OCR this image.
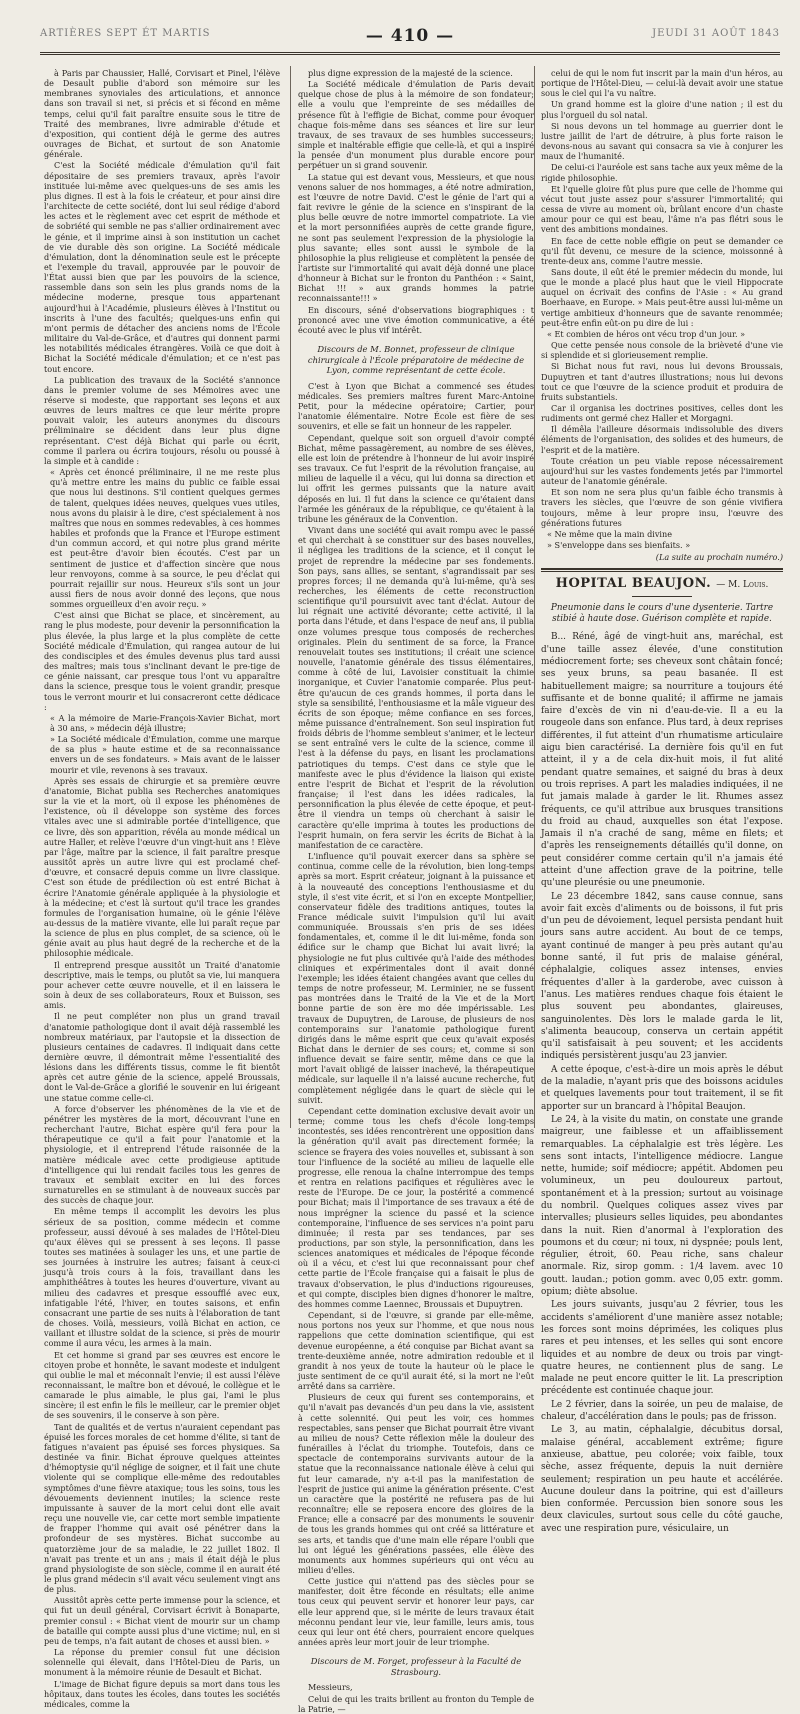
ARTIÈRES SEPT ÉT MARTIS	— 410 —	JEUDI 31 AOÛT 1843

à Paris par Chaussier, Hallé, Corvisart et Pinel, l'élève de Desault publie d'abord son mémoire sur les membranes synoviales des articulations, et annonce dans son travail si net, si précis et si fécond en même temps, celui qu'il fait paraître ensuite sous le titre de Traité des membranes, livre admirable d'étude et d'exposition, qui contient déjà le germe des autres ouvrages de Bichat, et surtout de son Anatomie générale.

C'est la Société médicale d'émulation qu'il fait dépositaire de ses premiers travaux, après l'avoir instituée lui-même avec quelques-uns de ses amis les plus dignes. Il est à la fois le créateur, et pour ainsi dire l'architecte de cette société, dont lui seul rédige d'abord les actes et le règlement avec cet esprit de méthode et de sobriété qui semble ne pas s'allier ordinairement avec le génie, et il imprime ainsi à son institution un cachet de vie durable dès son origine. La Société médicale d'émulation, dont la dénomination seule est le précepte et l'exemple du travail, approuvée par le pouvoir de l'État aussi bien que par les pouvoirs de la science, rassemble dans son sein les plus grands noms de la médecine moderne, presque tous appartenant aujourd'hui à l'Académie, plusieurs élèves à l'Institut ou inscrits à l'une des facultés; quelques-uns enfin qui m'ont permis de détacher des anciens noms de l'École militaire du Val-de-Grâce, et d'autres qui donnent parmi les notabilités médicales étrangères. Voilà ce que doit à Bichat la Société médicale d'émulation; et ce n'est pas tout encore.

La publication des travaux de la Société s'annonce dans le premier volume de ses Mémoires avec une réserve si modeste, que rapportant ses leçons et aux œuvres de leurs maîtres ce que leur mérite propre pouvait valoir, les auteurs anonymes du discours préliminaire se décident dans leur plus digne représentant. C'est déjà Bichat qui parle ou écrit, comme il parlera ou écrira toujours, résolu ou poussé à la simple et à candide :

« Après cet énoncé préliminaire, il ne me reste plus qu'à mettre entre les mains du public ce faible essai que nous lui destinons. S'il contient quelques germes de talent, quelques idées neuves, quelques vues utiles, nous avons du plaisir à le dire, c'est spécialement à nos maîtres que nous en sommes redevables, à ces hommes habiles et profonds que la France et l'Europe estiment d'un commun accord, et qui notre plus grand mérite est peut-être d'avoir bien écoutés. C'est par un sentiment de justice et d'affection sincère que nous leur renvoyons, comme à sa source, le peu d'éclat qui pourrait rejaillir sur nous. Heureux s'ils sont un jour aussi fiers de nous avoir donné des leçons, que nous sommes orgueilleux d'en avoir reçu. »

C'est ainsi que Bichat se place, et sincèrement, au rang le plus modeste, pour devenir la personnification la plus élevée, la plus large et la plus complète de cette Société médicale d'Émulation, qui rangea autour de lui des condisciples et des émules devenus plus tard aussi des maîtres; mais tous s'inclinant devant le pre-tige de ce génie naissant, car presque tous l'ont vu apparaître dans la science, presque tous le voient grandir, presque tous le verront mourir et lui consacreront cette dédicace :

« A la mémoire de Marie-François-Xavier Bichat, mort à 30 ans, » médecin déjà illustre;

» La Société médicale d'Émulation, comme une marque de sa plus » haute estime et de sa reconnaissance envers un de ses fondateurs. » Mais avant de le laisser mourir et vile, revenons à ses travaux.

Après ses essais de chirurgie et sa première œuvre d'anatomie, Bichat publia ses Recherches anatomiques sur la vie et la mort, où il expose les phénomènes de l'existence, où il développe son système des forces vitales avec une si admirable portée d'intelligence, que ce livre, dès son apparition, révéla au monde médical un autre Haller, et relève l'œuvre d'un vingt-huit ans ! Elève par l'âge, maître par la science, il fait paraître presque aussitôt après un autre livre qui est proclamé chef-d'œuvre, et consacré depuis comme un livre classique. C'est son étude de prédilection où est entré Bichat à écrire l'Anatomie générale appliquée à la physiologie et à la médecine; et c'est là surtout qu'il trace les grandes formules de l'organisation humaine, où le génie l'élève au-dessus de la matière vivante, elle lui paraît reçue par la science de plus en plus complet, de sa science, où le génie avait au plus haut degré de la recherche et de la philosophie médicale.

Il entreprend presque aussitôt un Traité d'anatomie descriptive, mais le temps, ou plutôt sa vie, lui manquera pour achever cette œuvre nouvelle, et il en laissera le soin à deux de ses collaborateurs, Roux et Buisson, ses amis.

Il ne peut compléter non plus un grand travail d'anatomie pathologique dont il avait déjà rassemblé les nombreux matériaux, par l'autopsie et la dissection de plusieurs centaines de cadavres. Il indiquait dans cette dernière œuvre, il démontrait même l'essentialité des lésions dans les différents tissus, comme le fit bientôt après cet autre génie de la science, appelé Broussais, dont le Val-de-Grâce a glorifié le souvenir en lui érigeant une statue comme celle-ci.

A force d'observer les phénomènes de la vie et de pénétrer les mystères de la mort, découvrant l'une en recherchant l'autre, Bichat espère qu'il fera pour la thérapeutique ce qu'il a fait pour l'anatomie et la physiologie, et il entreprend l'étude raisonnée de la matière médicale avec cette prodigieuse aptitude d'intelligence qui lui rendait faciles tous les genres de travaux et semblait exciter en lui des forces surnaturelles en se stimulant à de nouveaux succès par des succès de chaque jour.

En même temps il accomplit les devoirs les plus sérieux de sa position, comme médecin et comme professeur, aussi dévoué à ses malades de l'Hôtel-Dieu qu'aux élèves qui se pressent à ses leçons. Il passe toutes ses matinées à soulager les uns, et une partie de ses journées à instruire les autres; faisant à ceux-ci jusqu'à trois cours à la fois, travaillant dans les amphithéâtres à toutes les heures d'ouverture, vivant au milieu des cadavres et presque essoufflé avec eux, infatigable l'été, l'hiver, en toutes saisons, et enfin consacrant une partie de ses nuits à l'élaboration de tant de choses. Voilà, messieurs, voilà Bichat en action, ce vaillant et illustre soldat de la science, si près de mourir comme il aura vécu, les armes à la main.

Et cet homme si grand par ses œuvres est encore le citoyen probe et honnête, le savant modeste et indulgent qui oublie le mal et méconnaît l'envie; il est aussi l'élève reconnaissant, le maître bon et dévoué, le collègue et le camarade le plus aimable, le plus gai, l'ami le plus sincère; il est enfin le fils le meilleur, car le premier objet de ses souvenirs, il le conserve à son père.

Tant de qualités et de vertus n'auraient cependant pas épuisé les forces morales de cet homme d'élite, si tant de fatigues n'avaient pas épuisé ses forces physiques. Sa destinée va finir. Bichat éprouve quelques atteintes d'hémoptysie qu'il néglige de soigner, et il fait une chute violente qui se complique elle-même des redoutables symptômes d'une fièvre ataxique; tous les soins, tous les dévouements deviennent inutiles; la science reste impuissante à sauver de la mort celui dont elle avait reçu une nouvelle vie, car cette mort semble impatiente de frapper l'homme qui avait osé pénétrer dans la profondeur de ses mystères. Bichat succombe au quatorzième jour de sa maladie, le 22 juillet 1802. Il n'avait pas trente et un ans ; mais il était déjà le plus grand physiologiste de son siècle, comme il en aurait été le plus grand médecin s'il avait vécu seulement vingt ans de plus.

Aussitôt après cette perte immense pour la science, et qui fut un deuil général, Corvisart écrivit à Bonaparte, premier consul : « Bichat vient de mourir sur un champ de bataille qui compte aussi plus d'une victime; nul, en si peu de temps, n'a fait autant de choses et aussi bien. »

La réponse du premier consul fut une décision solennelle qui élevait, dans l'Hôtel-Dieu de Paris, un monument à la mémoire réunie de Desault et Bichat.

L'image de Bichat figure depuis sa mort dans tous les hôpitaux, dans toutes les écoles, dans toutes les sociétés médicales, comme la

plus digne expression de la majesté de la science.

La Société médicale d'émulation de Paris devait quelque chose de plus à la mémoire de son fondateur; elle a voulu que l'empreinte de ses médailles de présence fût à l'effigie de Bichat, comme pour évoquer chaque fois-même dans ses séances et lire sur leur travaux, de ses travaux de ses humbles successeurs; simple et inaltérable effigie que celle-là, et qui a inspiré la pensée d'un monument plus durable encore pour perpétuer un si grand souvenir.

La statue qui est devant vous, Messieurs, et que nous venons saluer de nos hommages, a été notre admiration, est l'œuvre de notre David. C'est le génie de l'art qui a fait revivre le génie de la science en s'inspirant de la plus belle œuvre de notre immortel compatriote. La vie et la mort personnifiées auprès de cette grande figure, ne sont pas seulement l'expression de la physiologie la plus savante; elles sont aussi le symbole de la philosophie la plus religieuse et complètent la pensée de l'artiste sur l'immortalité qui avait déjà donné une place d'honneur à Bichat sur le fronton du Panthéon : « Saint, Bichat !!! » aux grands hommes la patrie reconnaissante!!! »

En discours, séné d'observations biographiques : t prononcé avec une vive émotion communicative, a été écouté avec le plus vif intérêt.

Discours de M. Bonnet, professeur de clinique chirurgicale à l'École préparatoire de médecine de Lyon, comme représentant de cette école.

C'est à Lyon que Bichat a commencé ses études médicales. Ses premiers maîtres furent Marc-Antoine Petit, pour la médecine opératoire; Cartier, pour l'anatomie élémentaire. Notre École est fière de ses souvenirs, et elle se fait un honneur de les rappeler.

Cependant, quelque soit son orgueil d'avoir compté Bichat, même passagèrement, au nombre de ses élèves, elle est loin de prétendre à l'honneur de lui avoir inspiré ses travaux. Ce fut l'esprit de la révolution française, au milieu de laquelle il a vécu, qui lui donna sa direction et lui offrit les germes puissants que la nature avait déposés en lui. Il fut dans la science ce qu'étaient dans l'armée les généraux de la république, ce qu'étaient à la tribune les généraux de la Convention.

Vivant dans une société qui avait rompu avec le passé et qui cherchait à se constituer sur des bases nouvelles, il négligea les traditions de la science, et il conçut le projet de reprendre la médecine par ses fondements. Son pays, sans allies, se sentant, s'agrandissait par ses propres forces; il ne demanda qu'à lui-même, qu'à ses recherches, les éléments de cette reconstruction scientifique qu'il poursuivit avec tant d'éclat. Autour de lui régnait une activité dévorante; cette activité, il la porta dans l'étude, et dans l'espace de neuf ans, il publia onze volumes presque tous composés de recherches originales. Plein du sentiment de sa force, la France renouvelait toutes ses institutions; il créait une science nouvelle, l'anatomie générale des tissus élémentaires, comme à côté de lui, Lavoisier constituait la chimie inorganique, et Cuvier l'anatomie comparée. Plus peut-être qu'aucun de ces grands hommes, il porta dans le style sa sensibilité, l'enthousiasme et la mâle vigueur des écrits de son époque; même confiance en ses forces, même puissance d'entraînement. Son seul inspiration fut froids débris de l'homme sembleut s'animer, et le lecteur se sent entraîné vers le culte de la science, comme il l'est à la défense du pays, en lisant les proclamations patriotiques du temps. C'est dans ce style que le manifeste avec le plus d'évidence la liaison qui existe entre l'esprit de Bichat et l'esprit de la révolution française; il l'est dans les idées radicales, la personnification la plus élevée de cette époque, et peut-être il viendra un temps où cherchant à saisir le caractère qu'elle imprima à toutes les productions de l'esprit humain, on fera servir les écrits de Bichat à la manifestation de ce caractère.

L'influence qu'il pouvait exercer dans sa sphère se continua, comme celle de la révolution, bien long-temps après sa mort. Esprit créateur, joignant à la puissance et à la nouveauté des conceptions l'enthousiasme et du style, il s'est vite écrit, et si l'on en excepte Montpellier, conservateur fidèle des traditions antiques, toutes la France médicale suivit l'impulsion qu'il lui avait communiquée. Broussais s'en pris de ses idées fondamentales, et, comme il le dit lui-même, fonda son édifice sur le champ que Bichat lui avait livré; la physiologie ne fut plus cultivée qu'à l'aide des méthodes cliniques et expérimentales dont il avait donné l'exemple; les idées étaient changées avant que celles du temps de notre professeur, M. Lerminier, ne se fussent pas montrées dans le Traité de la Vie et de la Mort bonne partie de son ère mo dée impérissable. Les travaux de Dupuytren, de Larouse, de plusieurs de nos contemporains sur l'anatomie pathologique furent dirigés dans le même esprit que ceux qu'avait exposés Bichat dans le dernier de ses cours; et, comme si son influence devait se faire sentir, même dans ce que la mort l'avait obligé de laisser inachevé, la thérapeutique médicale, sur laquelle il n'a laissé aucune recherche, fut complètement négligée dans le quart de siècle qui le suivit.

Cependant cette domination exclusive devait avoir un terme; comme tous les chefs d'école long-temps incontestés, ses idées rencontrèrent une opposition dans la génération qu'il avait pas directement formée; la science se frayera des voies nouvelles et, subissant à son tour l'influence de la société au milieu de laquelle elle progresse, elle renoua la chaîne interrompue des temps et rentra en relations pacifiques et régulières avec le reste de l'Europe. De ce jour, la postérité a commencé pour Bichat; mais il l'importance de ses travaux a été de nous imprégner la science du passé et la science contemporaine, l'influence de ses services n'a point paru diminuée; il resta par ses tendances, par ses productions, par son style, la personnification, dans les sciences anatomiques et médicales de l'époque féconde où il a vécu, et c'est lui que reconnaissant pour chef cette partie de l'École française qui a faisait le plus de travaux d'observation, le plus d'inductions rigoureuses, et qui compte, disciples bien dignes d'honorer le maître, des hommes comme Laennec, Broussais et Dupuytren.

Cependant, si de l'œuvre, si grande par elle-même, nous portons nos yeux sur l'homme, et que nous nous rappelions que cette domination scientifique, qui est devenue européenne, a été conquise par Bichat avant sa trente-deuxième année, notre admiration redouble et il grandit à nos yeux de toute la hauteur où le place le juste sentiment de ce qu'il aurait été, si la mort ne l'eût arrêté dans sa carrière.

Plusieurs de ceux qui furent ses contemporains, et qu'il n'avait pas devancés d'un peu dans la vie, assistent à cette solennité. Qui peut les voir, ces hommes respectables, sans penser que Bichat pourrait être vivant au milieu de nous? Cette réflexion mêle la douleur des funérailles à l'éclat du triomphe. Toutefois, dans ce spectacle de contemporains survivants autour de la statue que la reconnaissance nationale élève à celui qui fut leur camarade, n'y a-t-il pas la manifestation de l'esprit de justice qui anime la génération présente. C'est un caractère que la postérité ne refusera pas de lui reconnaître; elle se reposera encore des gloires de la France; elle a consacré par des monuments le souvenir de tous les grands hommes qui ont créé sa littérature et ses arts, et tandis que d'une main elle répare l'oubli que lui ont légué les générations passées, elle élève des monuments aux hommes supérieurs qui ont vécu au milieu d'elles.

Cette justice qui n'attend pas des siècles pour se manifester, doit être féconde en résultats; elle anime tous ceux qui peuvent servir et honorer leur pays, car elle leur apprend que, si le mérite de leurs travaux était méconnu pendant leur vie, leur famille, leurs amis, tous ceux qui leur ont été chers, pourraient encore quelques années après leur mort jouir de leur triomphe.

Discours de M. Forget, professeur à la Faculté de Strasbourg.

Messieurs,

Celui de qui les traits brillent au fronton du Temple de la Patrie, —

celui de qui le nom fut inscrit par la main d'un héros, au portique de l'Hôtel-Dieu, — celui-là devait avoir une statue sous le ciel qui l'a vu naître.

Un grand homme est la gloire d'une nation ; il est du plus l'orgueil du sol natal.

Si nous devons un tel hommage au guerrier dont le lustre jaillit de l'art de détruire, à plus forte raison le devons-nous au savant qui consacra sa vie à conjurer les maux de l'humanité.

De celui-ci l'auréole est sans tache aux yeux même de la rigide philosophie.

Et l'quelle gloire fût plus pure que celle de l'homme qui vécut tout juste assez pour s'assurer l'immortalité; qui cessa de vivre au moment où, brûlant encore d'un chaste amour pour ce qui est beau, l'âme n'a pas flétri sous le vent des ambitions mondaines.

En face de cette noble effigie on peut se demander ce qu'il fût devenu, ce mesure de la science, moissonné à trente-deux ans, comme l'autre messie.

Sans doute, il eût été le premier médecin du monde, lui que le monde a placé plus haut que le vieil Hippocrate auquel on écrivait des confins de l'Asie : « Au grand Boerhaave, en Europe. » Mais peut-être aussi lui-même un vertige ambitieux d'honneurs que de savante renommée; peut-être enfin eût-on pu dire de lui :

« Et combien de héros ont vécu trop d'un jour. »

Que cette pensée nous console de la brièveté d'une vie si splendide et si glorieusement remplie.

Si Bichat nous fut ravi, nous lui devons Broussais, Dupuytren et tant d'autres illustrations; nous lui devons tout ce que l'œuvre de la science produit et produira de fruits substantiels.

Car il organisa les doctrines positives, celles dont les rudiments ont germé chez Haller et Morgagni.

Il démêla l'ailleure désormais indissoluble des divers éléments de l'organisation, des solides et des humeurs, de l'esprit et de la matière.

Toute création un peu viable repose nécessairement aujourd'hui sur les vastes fondements jetés par l'immortel auteur de l'anatomie générale.

Et son nom ne sera plus qu'un faible écho transmis à travers les siècles, que l'œuvre de son génie vivifiera toujours, même à leur propre insu, l'œuvre des générations futures

« Ne même que la main divine

» S'enveloppe dans ses bienfaits. »

(La suite au prochain numéro.)

HOPITAL BEAUJON. — M. Louis.

Pneumonie dans le cours d'une dysenterie. Tartre stibié à haute dose. Guérison complète et rapide.

B... Réné, âgé de vingt-huit ans, maréchal, est d'une taille assez élevée, d'une constitution médiocrement forte; ses cheveux sont châtain foncé; ses yeux bruns, sa peau basanée. Il est habituellement maigre; sa nourriture a toujours été suffisante et de bonne qualité; il affirme ne jamais faire d'excès de vin ni d'eau-de-vie. Il a eu la rougeole dans son enfance. Plus tard, à deux reprises différentes, il fut atteint d'un rhumatisme articulaire aigu bien caractérisé. La dernière fois qu'il en fut atteint, il y a de cela dix-huit mois, il fut alité pendant quatre semaines, et saigné du bras à deux ou trois reprises. A part les maladies indiquées, il ne fut jamais malade à garder le lit. Rhumes assez fréquents, ce qu'il attribue aux brusques transitions du froid au chaud, auxquelles son état l'expose. Jamais il n'a craché de sang, même en filets; et d'après les renseignements détaillés qu'il donne, on peut considérer comme certain qu'il n'a jamais été atteint d'une affection grave de la poitrine, telle qu'une pleurésie ou une pneumonie.

Le 23 décembre 1842, sans cause connue, sans avoir fait excès d'aliments ou de boissons, il fut pris d'un peu de dévoiement, lequel persista pendant huit jours sans autre accident. Au bout de ce temps, ayant continué de manger à peu près autant qu'au bonne santé, il fut pris de malaise général, céphalalgie, coliques assez intenses, envies fréquentes d'aller à la garderobe, avec cuisson à l'anus. Les matières rendues chaque fois étaient le plus souvent peu abondantes, glaireuses, sanguinolentes. Dès lors le malade garda le lit, s'alimenta beaucoup, conserva un certain appétit qu'il satisfaisait à peu souvent; et les accidents indiqués persistèrent jusqu'au 23 janvier.

A cette époque, c'est-à-dire un mois après le début de la maladie, n'ayant pris que des boissons acidules et quelques lavements pour tout traitement, il se fit apporter sur un brancard à l'hôpital Beaujon.

Le 24, à la visite du matin, on constate une grande maigreur, une faiblesse et un affaiblissement remarquables. La céphalalgie est très légère. Les sens sont intacts, l'intelligence médiocre. Langue nette, humide; soif médiocre; appétit. Abdomen peu volumineux, un peu douloureux partout, spontanément et à la pression; surtout au voisinage du nombril. Quelques coliques assez vives par intervalles; plusieurs selles liquides, peu abondantes dans la nuit. Rien d'anormal à l'exploration des poumons et du cœur; ni toux, ni dyspnée; pouls lent, régulier, étroit, 60. Peau riche, sans chaleur anormale. Riz, sirop gomm. : 1/4 lavem. avec 10 goutt. laudan.; potion gomm. avec 0,05 extr. gomm. opium; diète absolue.

Les jours suivants, jusqu'au 2 février, tous les accidents s'améliorent d'une manière assez notable; les forces sont moins déprimées, les coliques plus rares et peu intenses, et les selles qui sont encore liquides et au nombre de deux ou trois par vingt-quatre heures, ne contiennent plus de sang. Le malade ne peut encore quitter le lit. La prescription précédente est continuée chaque jour.

Le 2 février, dans la soirée, un peu de malaise, de chaleur, d'accélération dans le pouls; pas de frisson.

Le 3, au matin, céphalalgie, décubitus dorsal, malaise général, accablement extrême; figure anxieuse, abattue, peu colorée; voix faible, toux sèche, assez fréquente, depuis la nuit dernière seulement; respiration un peu haute et accélérée. Aucune douleur dans la poitrine, qui est d'ailleurs bien conformée. Percussion bien sonore sous les deux clavicules, surtout sous celle du côté gauche, avec une respiration pure, vésiculaire, un
